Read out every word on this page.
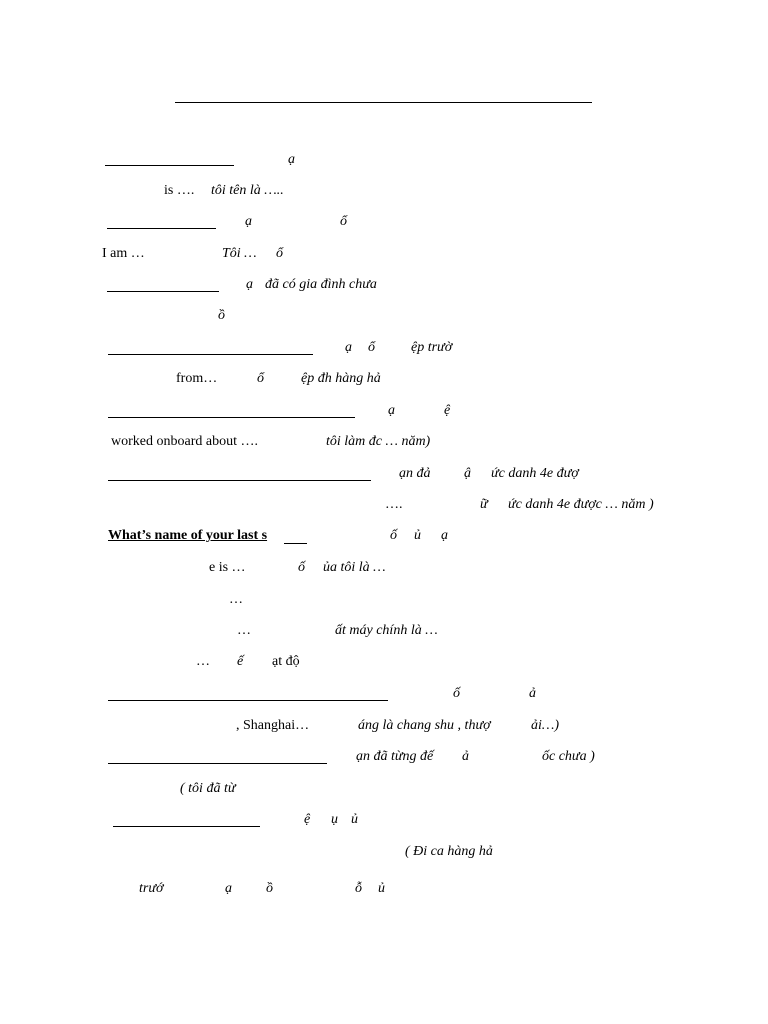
ạ
is …. tôi tên là …..
ạ	ổ
I am …	Tôi … ổ
ạ đã có gia đình chưa
ồ
ạ ổ	ệp trườ
from…	ổ	ệp đh hàng hả
ạ	ệ
worked onboard about ….	tôi làm đc … năm)
ạn đả ậ ức danh 4e đượ
….	ữ ức danh 4e được … năm )
What’s name of your last s	ố ủ ạ
e is …	ố ủa tôi là …
…
…	ất máy chính là …
… ế ạt độ
ố	ả
, Shanghai…	áng là chang shu , thượ	ải…)
ạn đã từng đế ả	ốc chưa )
( tôi đã từ
ệ ụ ủ
( Đi ca hàng hả
trướ	ạ ồ	ỗ ủ
